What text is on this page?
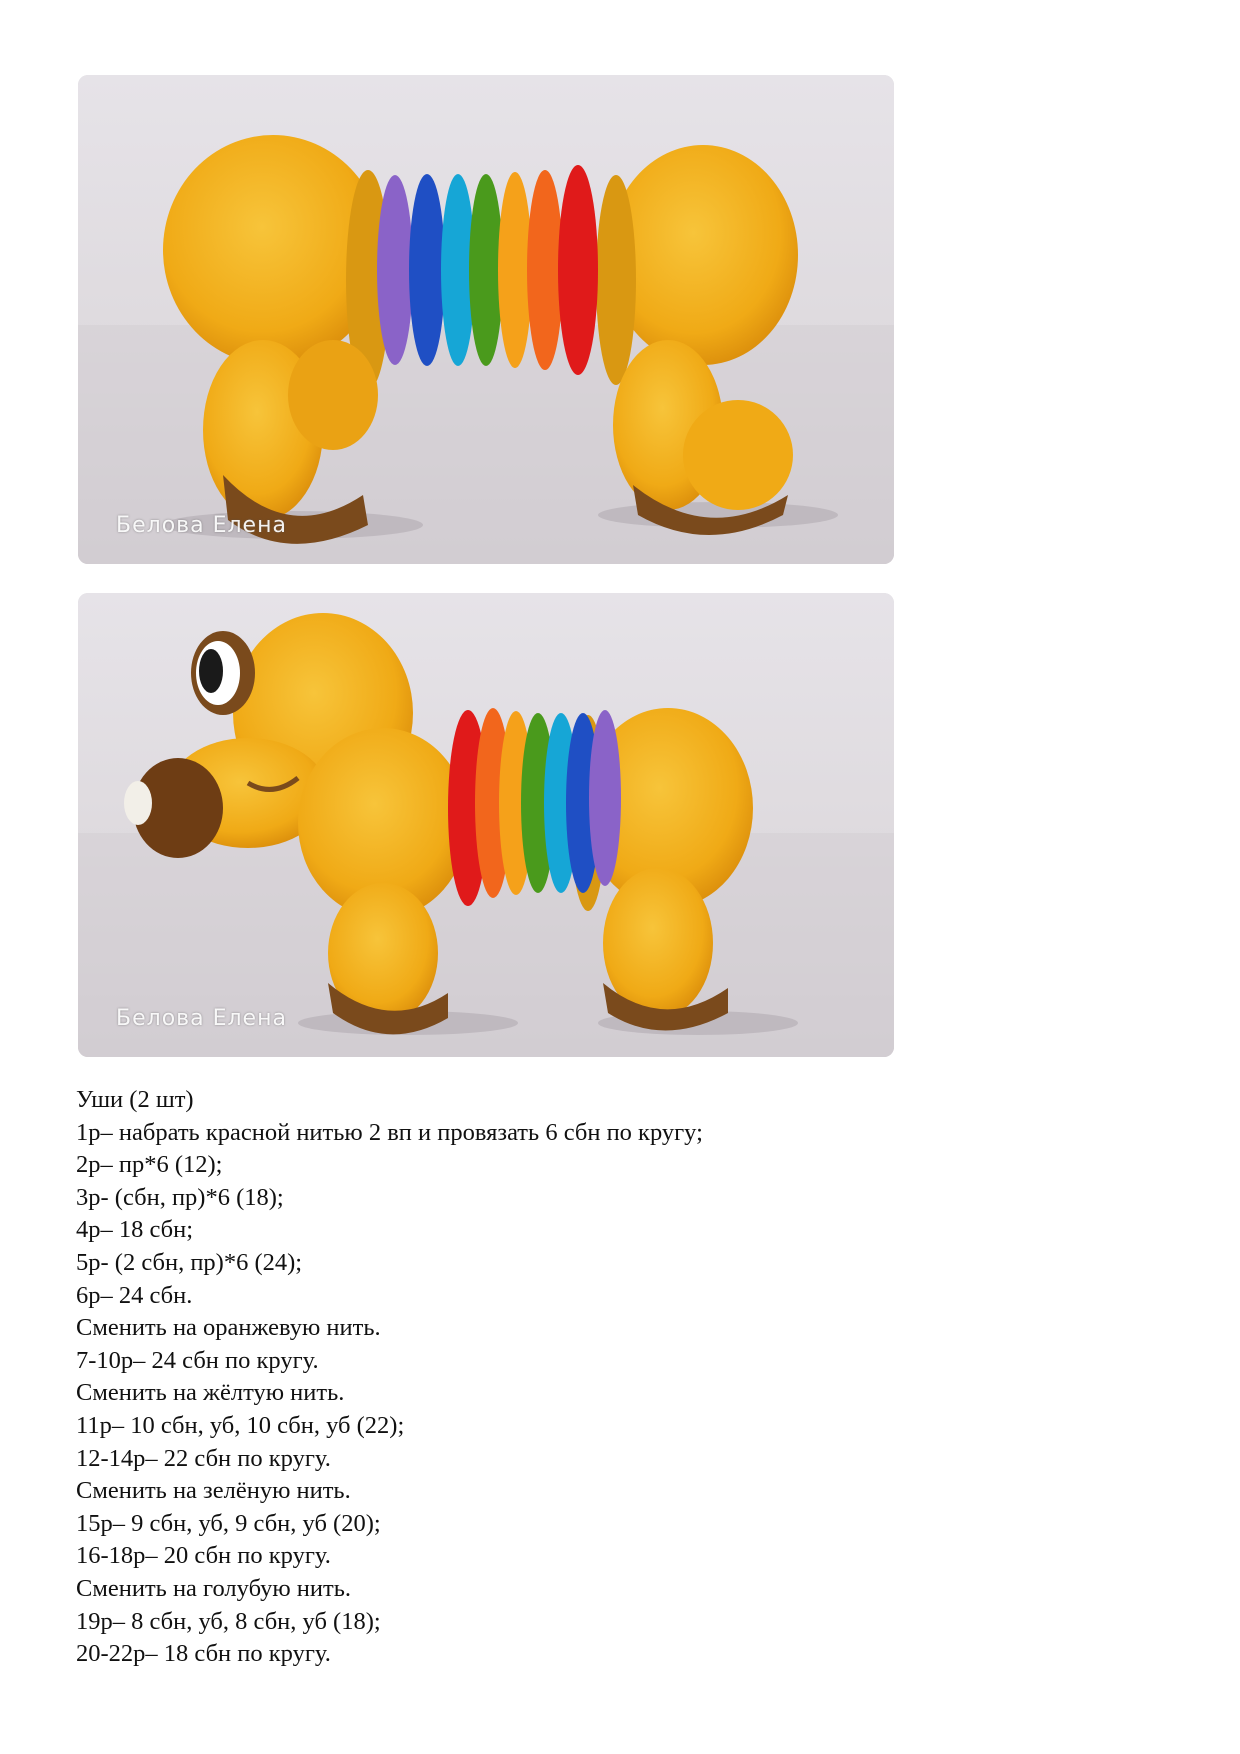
Белова Елена
Белова Елена
Уши (2 шт)
1р– набрать красной нитью 2 вп и провязать 6 сбн по кругу;
2р– пр*6 (12);
3р- (сбн, пр)*6 (18);
4р– 18 сбн;
5р- (2 сбн, пр)*6 (24);
6р– 24 сбн.
Сменить на оранжевую нить.
7-10р– 24 сбн по кругу.
Сменить на жёлтую нить.
11р– 10 сбн, уб, 10 сбн, уб (22);
12-14р– 22 сбн по кругу.
Сменить на зелёную нить.
15р– 9 сбн, уб, 9 сбн, уб (20);
16-18р– 20 сбн по кругу.
Сменить на голубую нить.
19р– 8 сбн, уб, 8 сбн, уб (18);
20-22р– 18 сбн по кругу.
